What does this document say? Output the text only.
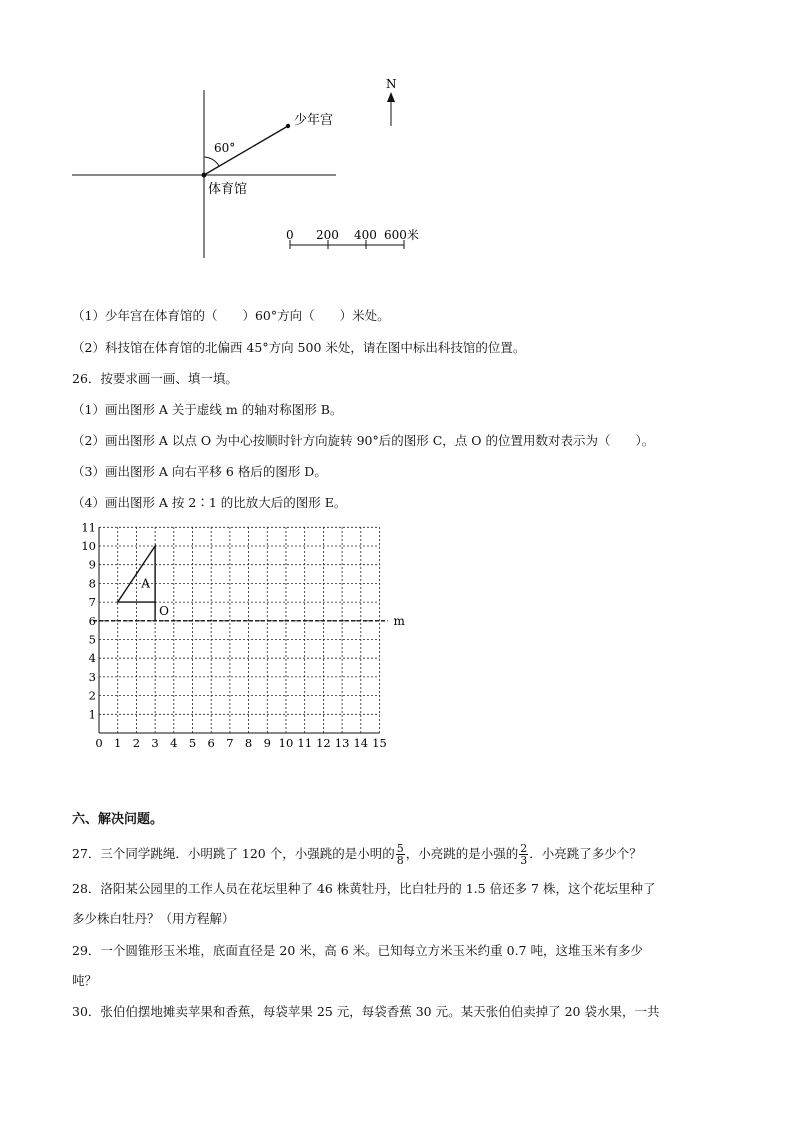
60°
少年宫
体育馆
N
0 200 400 600米
（1）少年宫在体育馆的（　　）60°方向（　　）米处。
（2）科技馆在体育馆的北偏西 45°方向 500 米处，请在图中标出科技馆的位置。
26．按要求画一画、填一填。
（1）画出图形 A 关于虚线 m 的轴对称图形 B。
（2）画出图形 A 以点 O 为中心按顺时针方向旋转 90°后的图形 C，点 O 的位置用数对表示为（　　）。
（3）画出图形 A 向右平移 6 格后的图形 D。
（4）画出图形 A 按 2∶1 的比放大后的图形 E。
0 1 2 3 4 5 6 7 8 9 10 11 12 13 14 15
1
2
3
4
5
6
7
8
9
10
11
m
A
O
六、解决问题。
27．三个同学跳绳．小明跳了 120 个，小强跳的是小明的 $\frac{5}{8}$ ，小亮跳的是小强的 $\frac{2}{3}$ ．小亮跳了多少个？
28．洛阳某公园里的工作人员在花坛里种了 46 株黄牡丹，比白牡丹的 1.5 倍还多 7 株，这个花坛里种了
多少株白牡丹？（用方程解）
29．一个圆锥形玉米堆，底面直径是 20 米，高 6 米。已知每立方米玉米约重 0.7 吨，这堆玉米有多少
吨？
30．张伯伯摆地摊卖苹果和香蕉，每袋苹果 25 元，每袋香蕉 30 元。某天张伯伯卖掉了 20 袋水果，一共
